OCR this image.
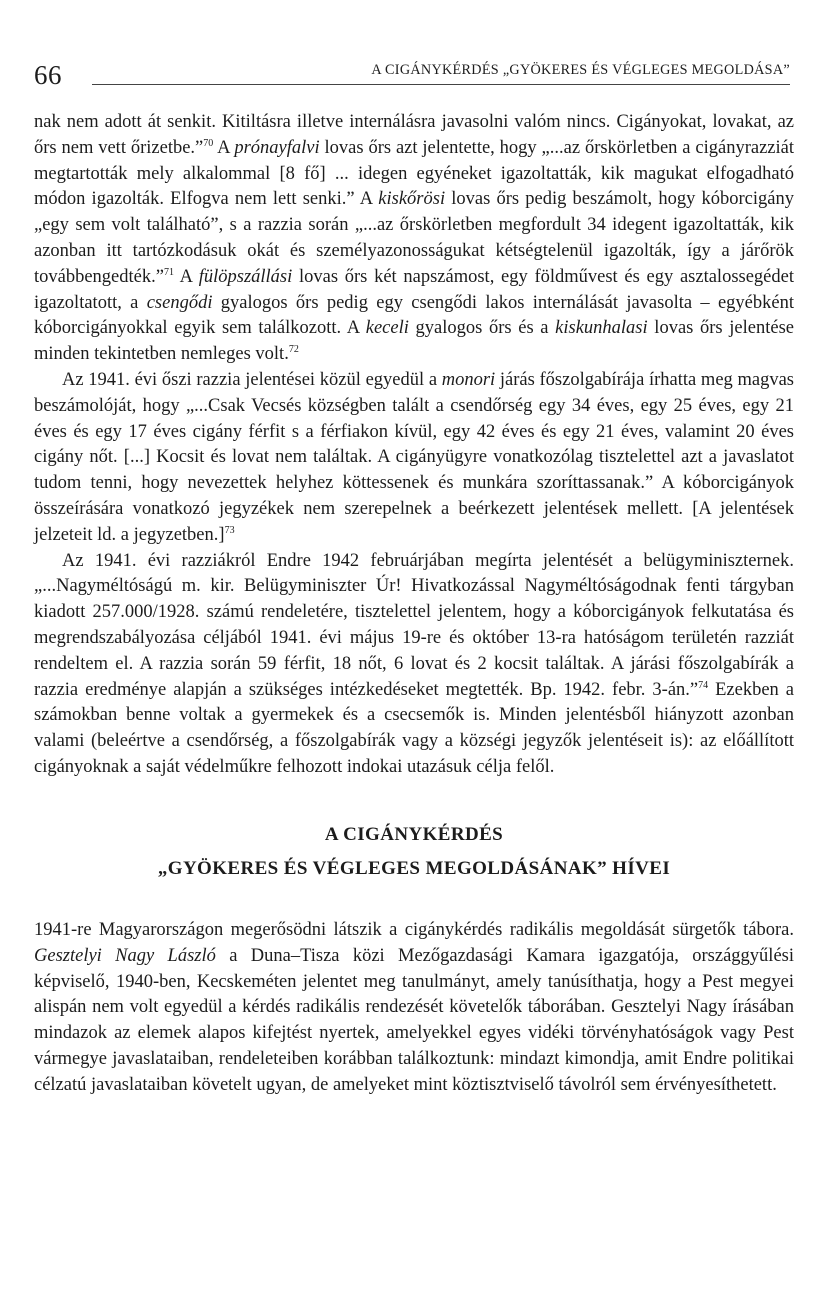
66	A CIGÁNYKÉRDÉS „GYÖKERES ÉS VÉGLEGES MEGOLDÁSA”

nak nem adott át senkit. Kitiltásra illetve internálásra javasolni valóm nincs. Cigányokat, lovakat, az őrs nem vett őrizetbe.”$^{70}$ A prónayfalvi lovas őrs azt jelentette, hogy „...az őrskörletben a cigányrazziát megtartották mely alkalommal [8 fő] ... idegen egyéneket igazoltatták, kik magukat elfogadható módon igazolták. Elfogva nem lett senki.” A kiskőrösi lovas őrs pedig beszámolt, hogy kóborcigány „egy sem volt található”, s a razzia során „...az őrskörletben megfordult 34 idegent igazoltatták, kik azonban itt tartózkodásuk okát és személyazonosságukat kétségtelenül igazolták, így a járőrök továbbengedték.”$^{71}$ A fülöpszállási lovas őrs két napszámost, egy földművest és egy asztalossegédet igazoltatott, a csengődi gyalogos őrs pedig egy csengődi lakos internálását javasolta – egyébként kóborcigányokkal egyik sem találkozott. A keceli gyalogos őrs és a kiskunhalasi lovas őrs jelentése minden tekintetben nemleges volt.$^{72}$

Az 1941. évi őszi razzia jelentései közül egyedül a monori járás főszolgabírája írhatta meg magvas beszámolóját, hogy „...Csak Vecsés községben talált a csendőrség egy 34 éves, egy 25 éves, egy 21 éves és egy 17 éves cigány férfit s a férfiakon kívül, egy 42 éves és egy 21 éves, valamint 20 éves cigány nőt. [...] Kocsit és lovat nem találtak. A cigányügyre vonatkozólag tisztelettel azt a javaslatot tudom tenni, hogy nevezettek helyhez köttessenek és munkára szoríttassanak.” A kóborcigányok összeírására vonatkozó jegyzékek nem szerepelnek a beérkezett jelentések mellett. [A jelentések jelzeteit ld. a jegyzetben.]$^{73}$

Az 1941. évi razziákról Endre 1942 februárjában megírta jelentését a belügyminiszternek. „...Nagyméltóságú m. kir. Belügyminiszter Úr! Hivatkozással Nagyméltóságodnak fenti tárgyban kiadott 257.000/1928. számú rendeletére, tisztelettel jelentem, hogy a kóborcigányok felkutatása és megrendszabályozása céljából 1941. évi május 19-re és október 13-ra hatóságom területén razziát rendeltem el. A razzia során 59 férfit, 18 nőt, 6 lovat és 2 kocsit találtak. A járási főszolgabírák a razzia eredménye alapján a szükséges intézkedéseket megtették. Bp. 1942. febr. 3-án.”$^{74}$ Ezekben a számokban benne voltak a gyermekek és a csecsemők is. Minden jelentésből hiányzott azonban valami (beleértve a csendőrség, a főszolgabírák vagy a községi jegyzők jelentéseit is): az előállított cigányoknak a saját védelműkre felhozott indokai utazásuk célja felől.

A CIGÁNYKÉRDÉS
„GYÖKERES ÉS VÉGLEGES MEGOLDÁSÁNAK” HÍVEI

1941-re Magyarországon megerősödni látszik a cigánykérdés radikális megoldását sürgetők tábora. Gesztelyi Nagy László a Duna–Tisza közi Mezőgazdasági Kamara igazgatója, országgyűlési képviselő, 1940-ben, Kecskeméten jelentet meg tanulmányt, amely tanúsíthatja, hogy a Pest megyei alispán nem volt egyedül a kérdés radikális rendezését követelők táborában. Gesztelyi Nagy írásában mindazok az elemek alapos kifejtést nyertek, amelyekkel egyes vidéki törvényhatóságok vagy Pest vármegye javaslataiban, rendeleteiben korábban találkoztunk: mindazt kimondja, amit Endre politikai célzatú javaslataiban követelt ugyan, de amelyeket mint köztisztviselő távolról sem érvényesíthetett.
